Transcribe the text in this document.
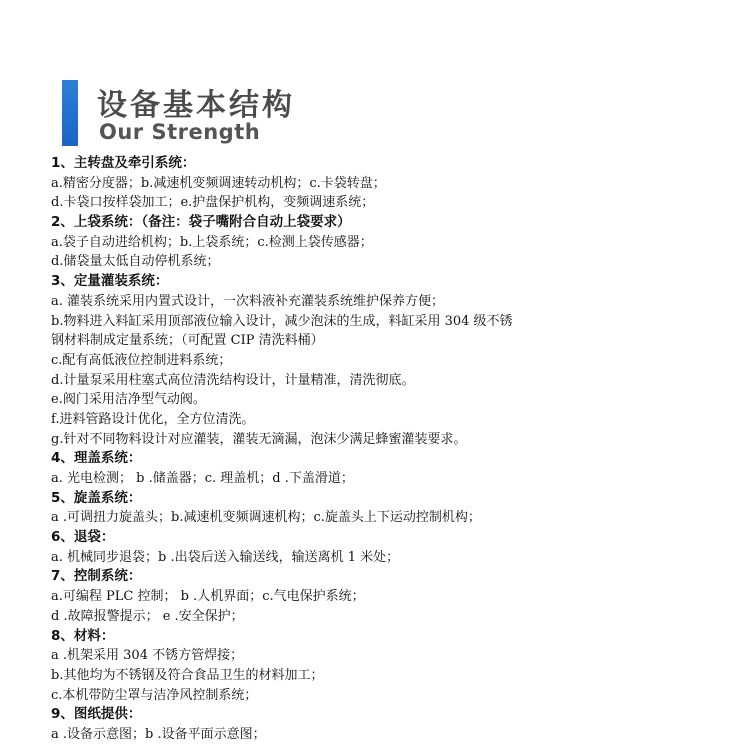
设备基本结构
Our Strength
1、主转盘及牵引系统：
a.精密分度器；b.减速机变频调速转动机构；c.卡袋转盘；
d.卡袋口按样袋加工；e.护盘保护机构，变频调速系统；
2、上袋系统：（备注：袋子嘴附合自动上袋要求）
a.袋子自动进给机构；b.上袋系统；c.检测上袋传感器；
d.储袋量太低自动停机系统；
3、定量灌装系统：
a. 灌装系统采用内置式设计，一次料液补充灌装系统维护保养方便；
b.物料进入料缸采用顶部液位输入设计，减少泡沫的生成，料缸采用 304 级不锈
钢材料制成定量系统；（可配置 CIP 清洗料桶）
c.配有高低液位控制进料系统；
d.计量泵采用柱塞式高位清洗结构设计，计量精准，清洗彻底。
e.阀门采用洁净型气动阀。
f.进料管路设计优化，全方位清洗。
g.针对不同物料设计对应灌装，灌装无滴漏，泡沫少满足蜂蜜灌装要求。
4、理盖系统：
a. 光电检测； b .储盖器；c. 理盖机；d .下盖滑道；
5、旋盖系统：
a .可调扭力旋盖头；b.减速机变频调速机构；c.旋盖头上下运动控制机构；
6、退袋：
a. 机械同步退袋；b .出袋后送入输送线，输送离机 1 米处；
7、控制系统：
a.可编程 PLC 控制； b .人机界面；c.气电保护系统；
d .故障报警提示； e .安全保护；
8、材料：
a .机架采用 304 不锈方管焊接；
b.其他均为不锈钢及符合食品卫生的材料加工；
c.本机带防尘罩与洁净风控制系统；
9、图纸提供：
a .设备示意图；b .设备平面示意图；
